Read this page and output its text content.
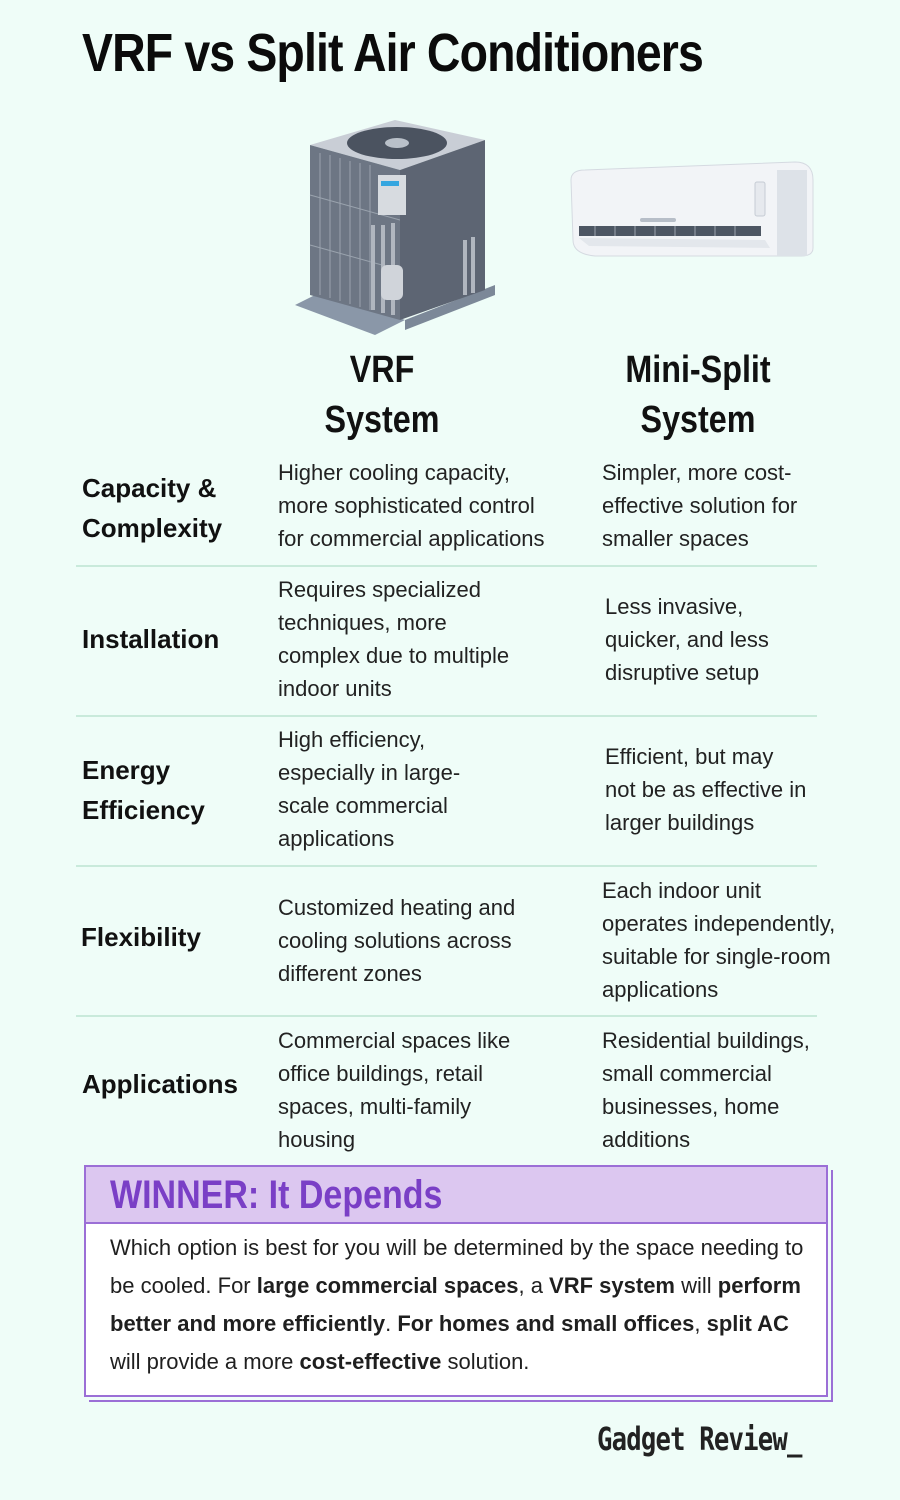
VRF vs Split Air Conditioners
VRF
System
Mini-Split
System
Capacity &
Complexity
Higher cooling capacity,
more sophisticated control
for commercial applications
Simpler, more cost-
effective solution for
smaller spaces
Installation
Requires specialized
techniques, more
complex due to multiple
indoor units
Less invasive,
quicker, and less
disruptive setup
Energy
Efficiency
High efficiency,
especially in large-
scale commercial
applications
Efficient, but may
not be as effective in
larger buildings
Flexibility
Customized heating and
cooling solutions across
different zones
Each indoor unit
operates independently,
suitable for single-room
applications
Applications
Commercial spaces like
office buildings, retail
spaces, multi-family
housing
Residential buildings,
small commercial
businesses, home
additions
WINNER: It Depends
Which option is best for you will be determined by the space needing to be cooled. For large commercial spaces, a VRF system will perform better and more efficiently. For homes and small offices, split AC will provide a more cost-effective solution.
Gadget Review_
